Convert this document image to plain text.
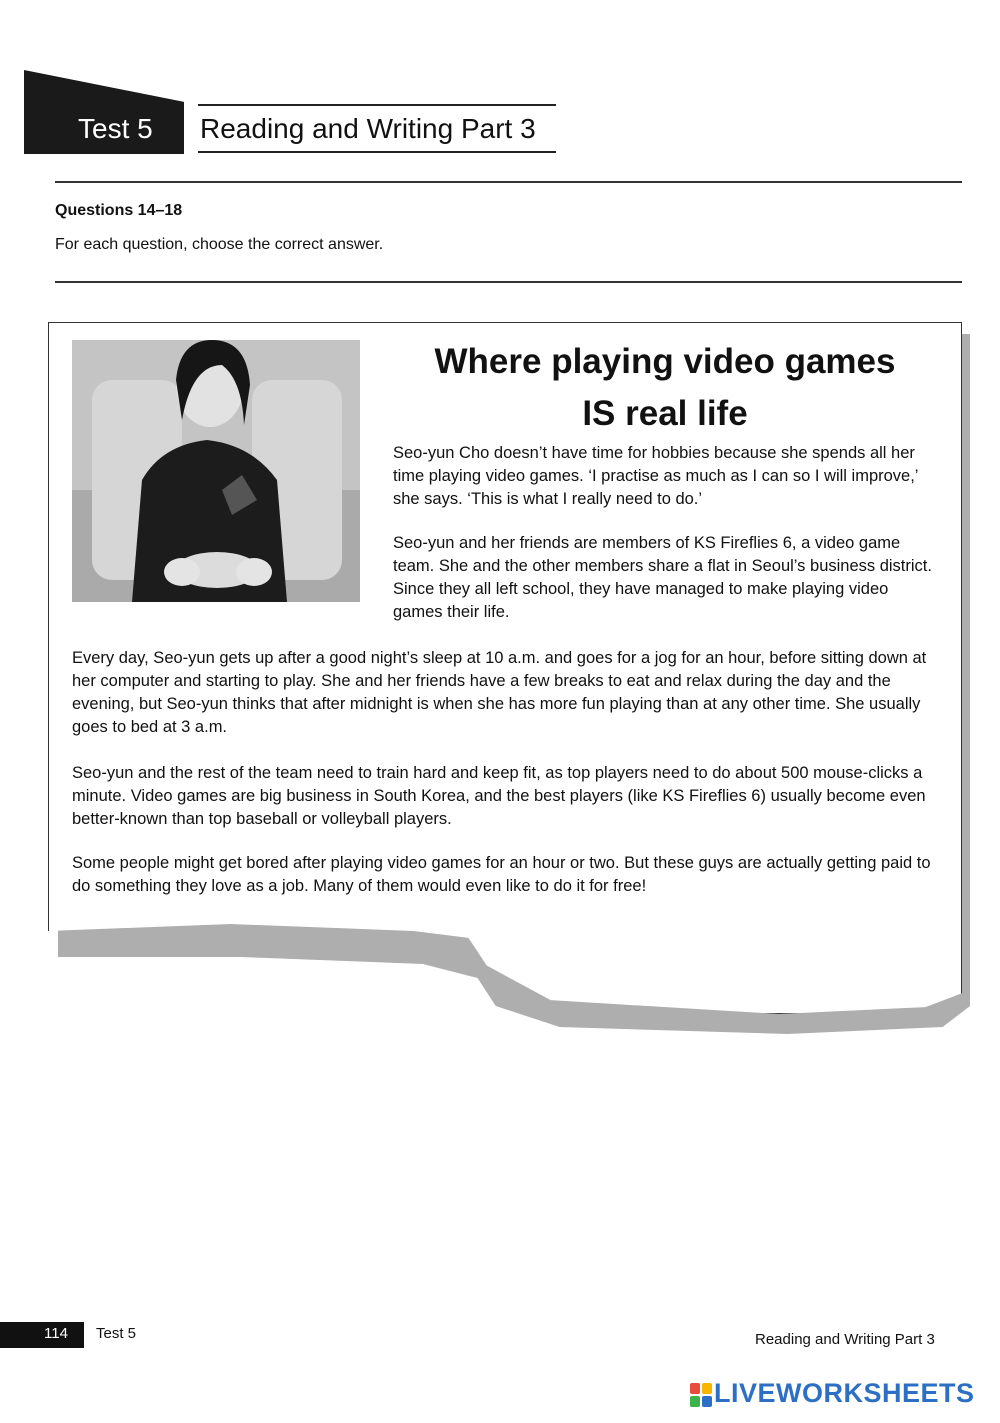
Test 5 Reading and Writing Part 3
Questions 14–18
For each question, choose the correct answer.
Where playing video games
IS real life
Seo-yun Cho doesn’t have time for hobbies because she spends all her time playing video games. ‘I practise as much as I can so I will improve,’ she says. ‘This is what I really need to do.’
Seo-yun and her friends are members of KS Fireflies 6, a video game team. She and the other members share a flat in Seoul’s business district. Since they all left school, they have managed to make playing video games their life.
Every day, Seo-yun gets up after a good night’s sleep at 10 a.m. and goes for a jog for an hour, before sitting down at her computer and starting to play. She and her friends have a few breaks to eat and relax during the day and the evening, but Seo-yun thinks that after midnight is when she has more fun playing than at any other time. She usually goes to bed at 3 a.m.
Seo-yun and the rest of the team need to train hard and keep fit, as top players need to do about 500 mouse-clicks a minute. Video games are big business in South Korea, and the best players (like KS Fireflies 6) usually become even better-known than top baseball or volleyball players.
Some people might get bored after playing video games for an hour or two. But these guys are actually getting paid to do something they love as a job. Many of them would even like to do it for free!
114 Test 5	Reading and Writing Part 3
LIVEWORKSHEETS
